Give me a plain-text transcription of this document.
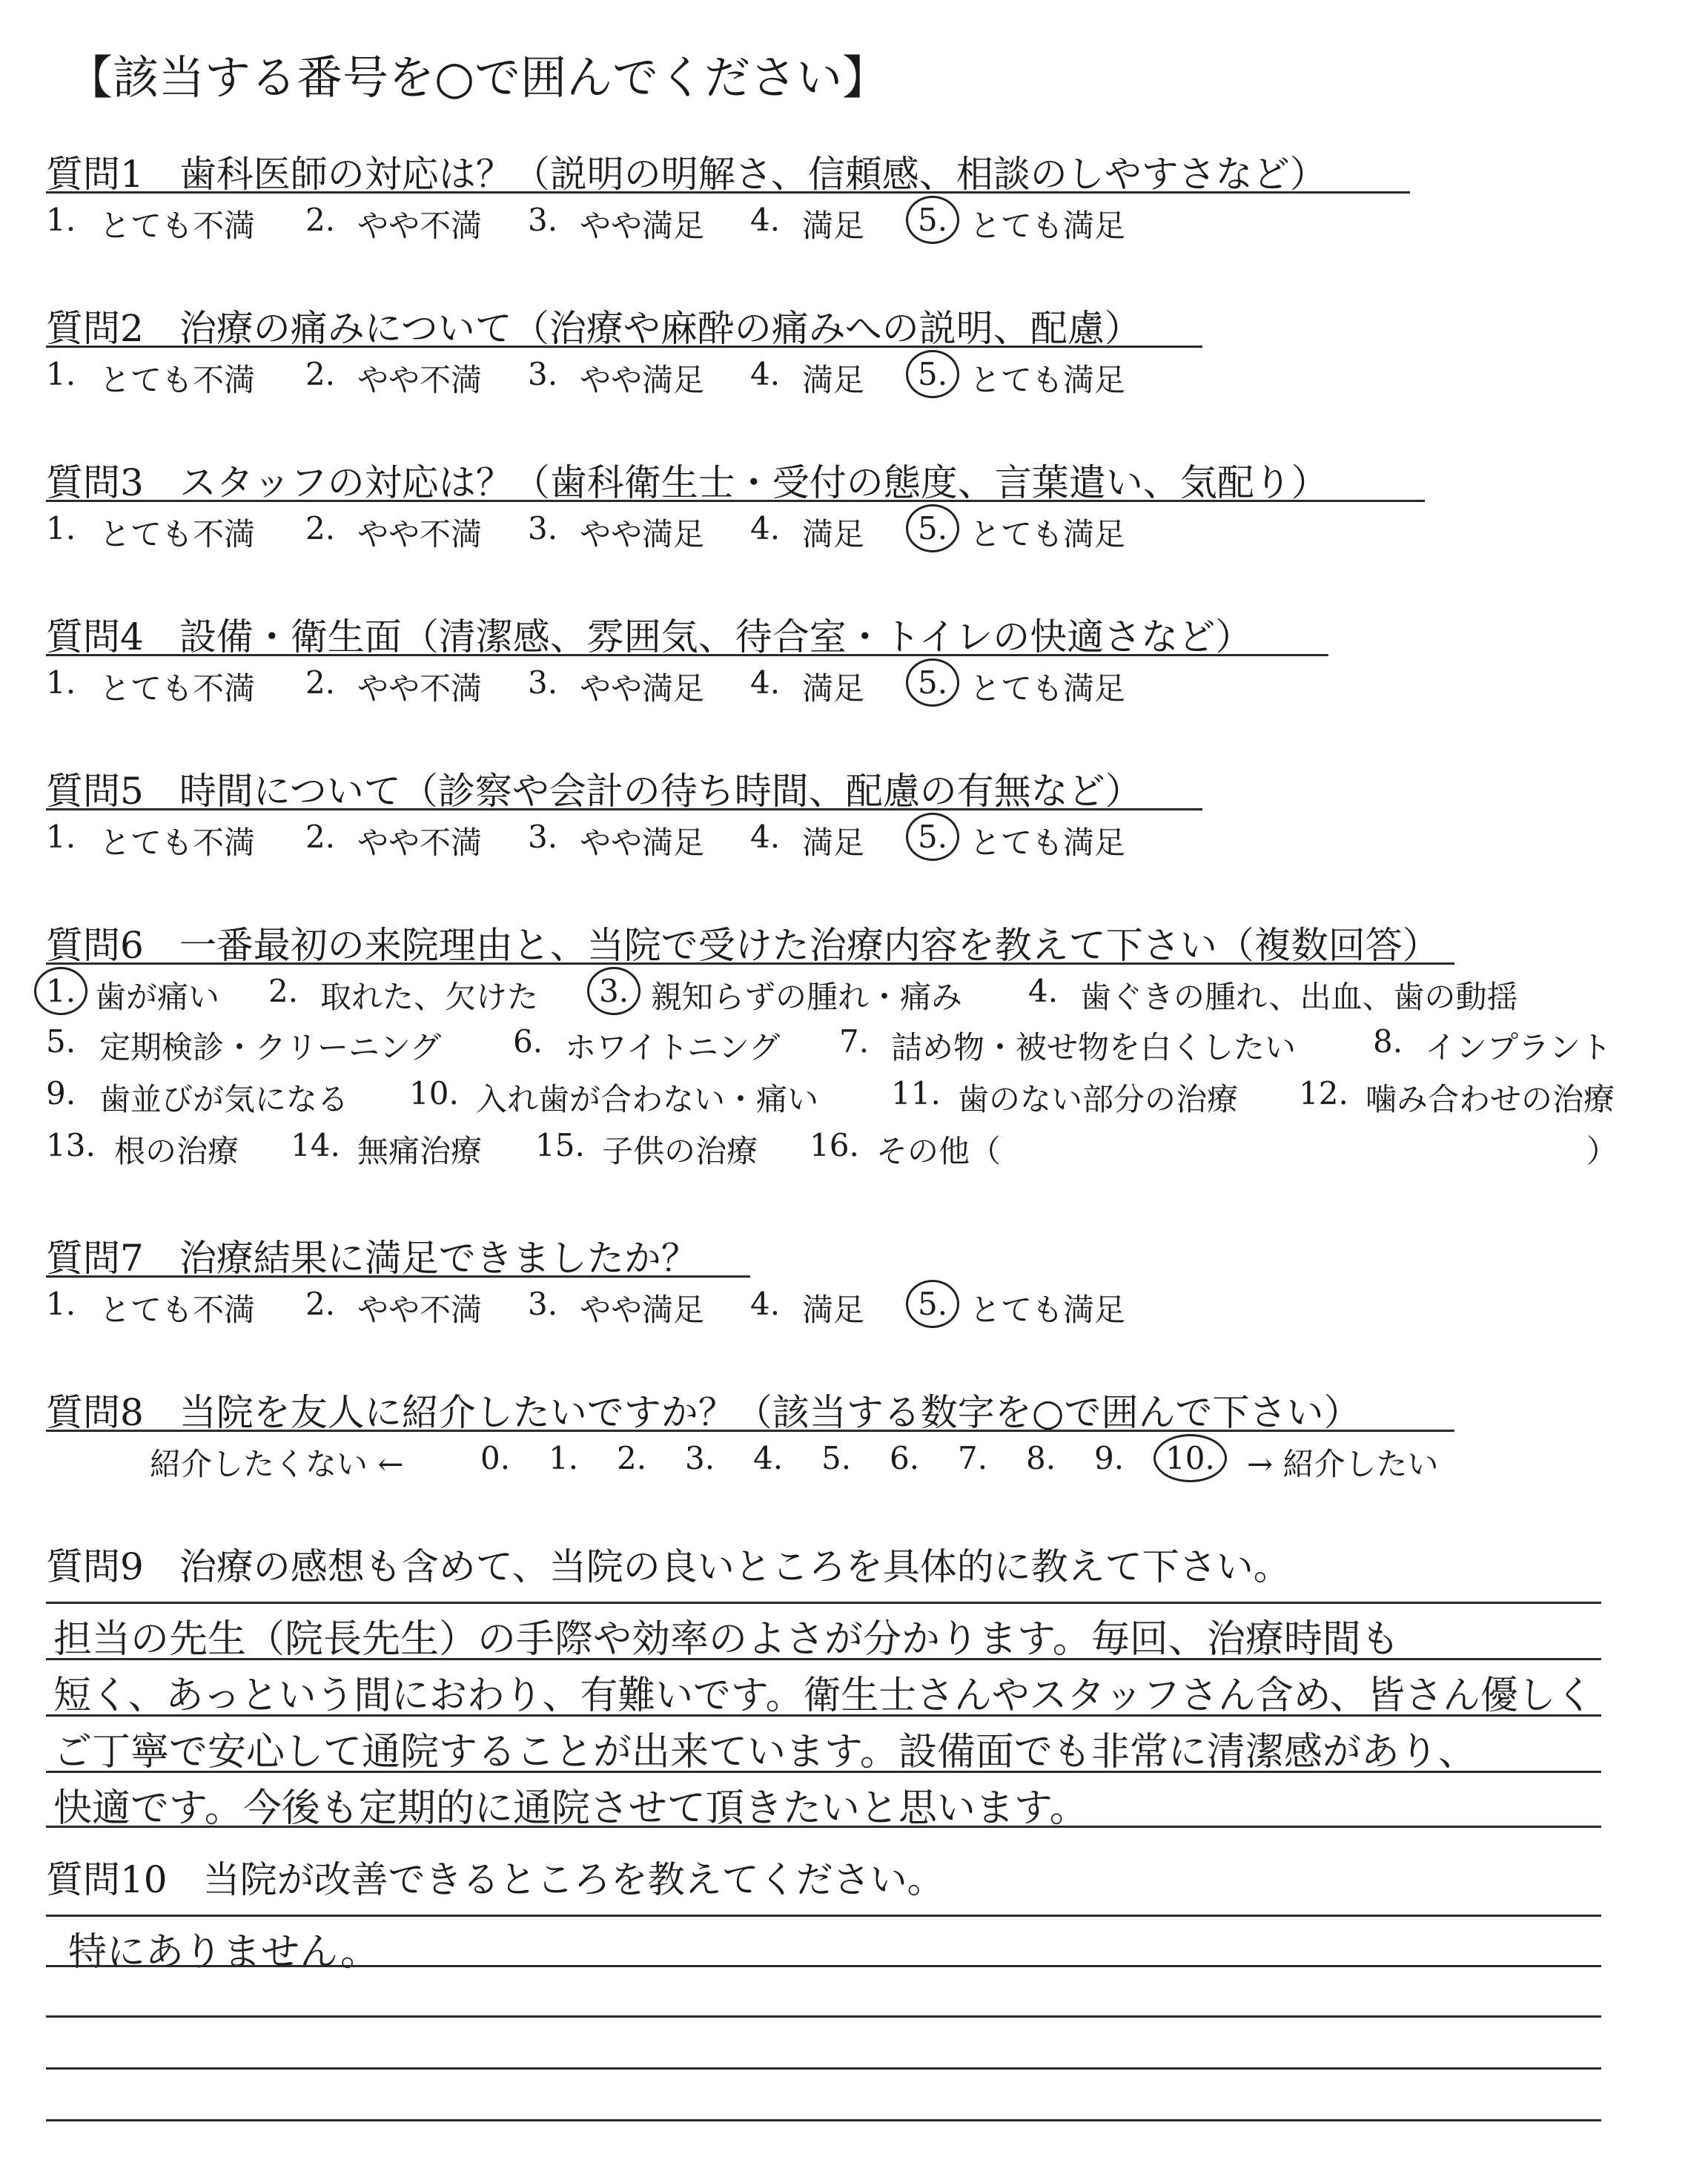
【該当する番号を○で囲んでください】
質問1 歯科医師の対応は？（説明の明解さ、信頼感、相談のしやすさなど）
1. とても不満 2. やや不満 3. やや満足 4. 満足 5. とても満足
質問2 治療の痛みについて（治療や麻酔の痛みへの説明、配慮）
1. とても不満 2. やや不満 3. やや満足 4. 満足 5. とても満足
質問3 スタッフの対応は？（歯科衛生士・受付の態度、言葉遣い、気配り）
1. とても不満 2. やや不満 3. やや満足 4. 満足 5. とても満足
質問4 設備・衛生面（清潔感、雰囲気、待合室・トイレの快適さなど）
1. とても不満 2. やや不満 3. やや満足 4. 満足 5. とても満足
質問5 時間について（診察や会計の待ち時間、配慮の有無など）
1. とても不満 2. やや不満 3. やや満足 4. 満足 5. とても満足
質問6 一番最初の来院理由と、当院で受けた治療内容を教えて下さい（複数回答）
1. 歯が痛い 2. 取れた、欠けた 3. 親知らずの腫れ・痛み 4. 歯ぐきの腫れ、出血、歯の動揺
5. 定期検診・クリーニング 6. ホワイトニング 7. 詰め物・被せ物を白くしたい 8. インプラント
9. 歯並びが気になる 10. 入れ歯が合わない・痛い 11. 歯のない部分の治療 12. 噛み合わせの治療
13. 根の治療 14. 無痛治療 15. 子供の治療 16. その他（	）
質問7 治療結果に満足できましたか？
1. とても不満 2. やや不満 3. やや満足 4. 満足 5. とても満足
質問8 当院を友人に紹介したいですか？（該当する数字を○で囲んで下さい）
紹介したくない ← 0. 1. 2. 3. 4. 5. 6. 7. 8. 9. 10. → 紹介したい
質問9 治療の感想も含めて、当院の良いところを具体的に教えて下さい。
担当の先生（院長先生）の手際や効率のよさが分かります。毎回、治療時間も
短く、あっという間におわり、有難いです。衛生士さんやスタッフさん含め、皆さん優しく
ご丁寧で安心して通院することが出来ています。設備面でも非常に清潔感があり、
快適です。今後も定期的に通院させて頂きたいと思います。
質問10 当院が改善できるところを教えてください。
特にありません。
